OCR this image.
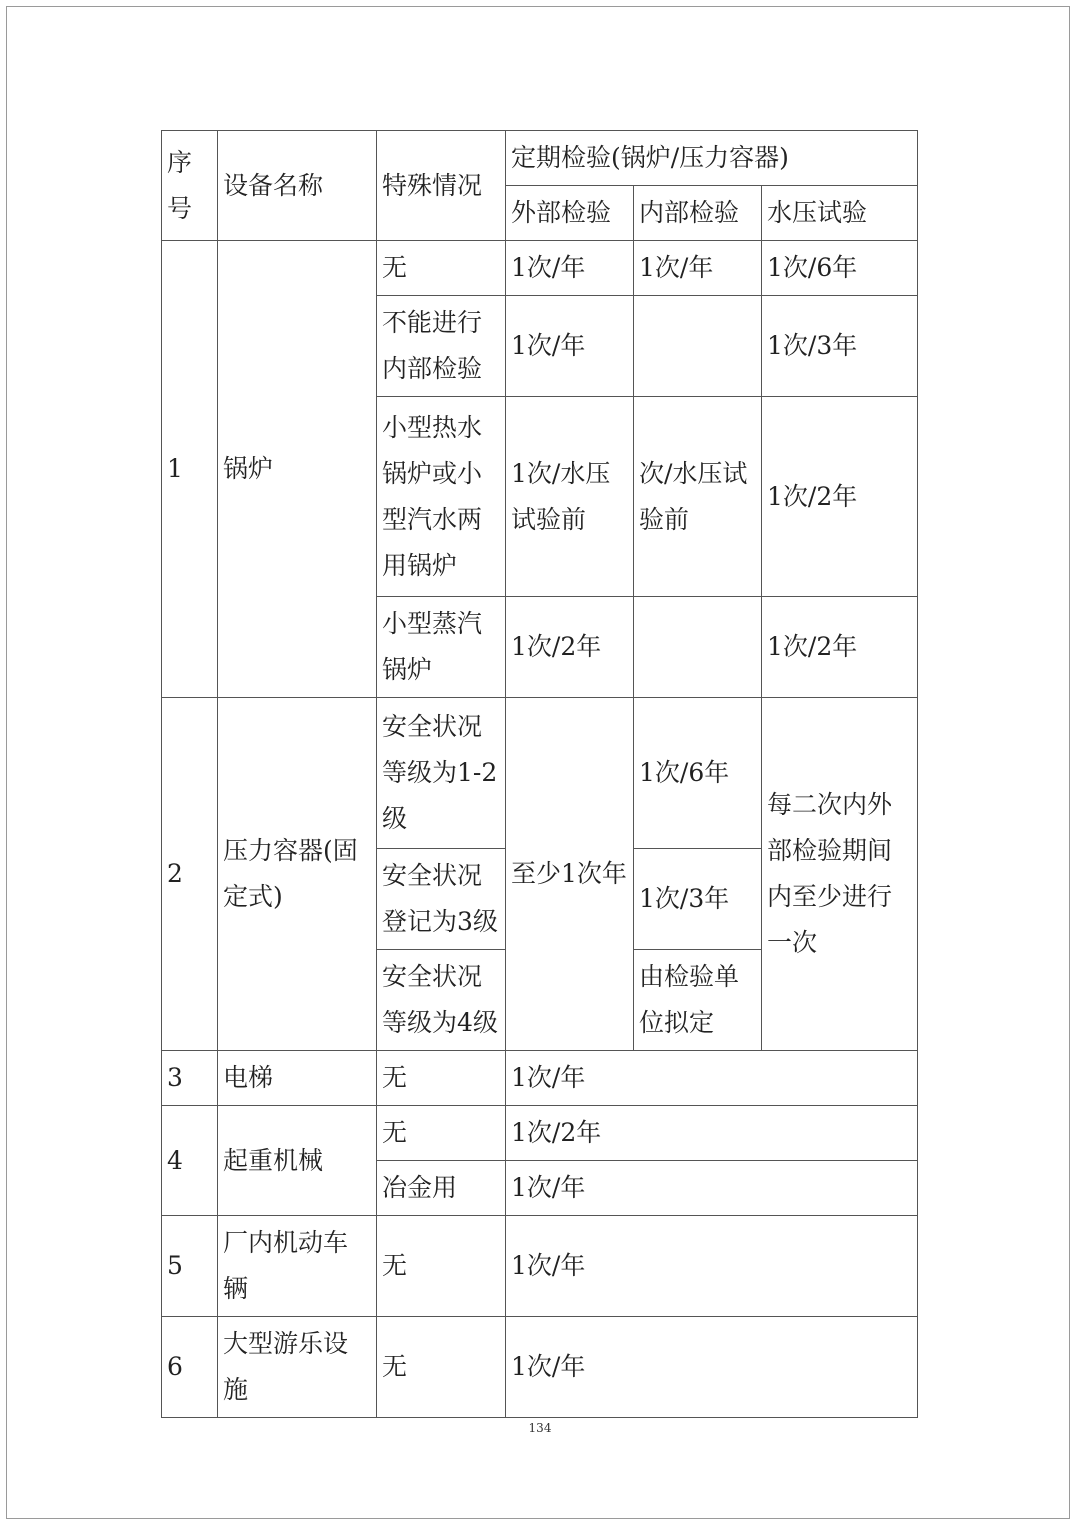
序号	设备名称	特殊情况	定期检验(锅炉/压力容器)		
			外部检验	内部检验	水压试验
1	锅炉	无	1次/年	1次/年	1次/6年
		不能进行内部检验	1次/年		1次/3年
		小型热水锅炉或小型汽水两用锅炉	1次/水压试验前	次/水压试验前	1次/2年
		小型蒸汽锅炉	1次/2年		1次/2年
2	压力容器(固定式)	安全状况等级为1-2级	至少1次年	1次/6年	每二次内外部检验期间内至少进行一次
		安全状况登记为3级		1次/3年	
		安全状况等级为4级		由检验单位拟定	
3	电梯	无	1次/年		
4	起重机械	无	1次/2年		
		冶金用	1次/年		
5	厂内机动车辆	无	1次/年		
6	大型游乐设施	无	1次/年		
134
